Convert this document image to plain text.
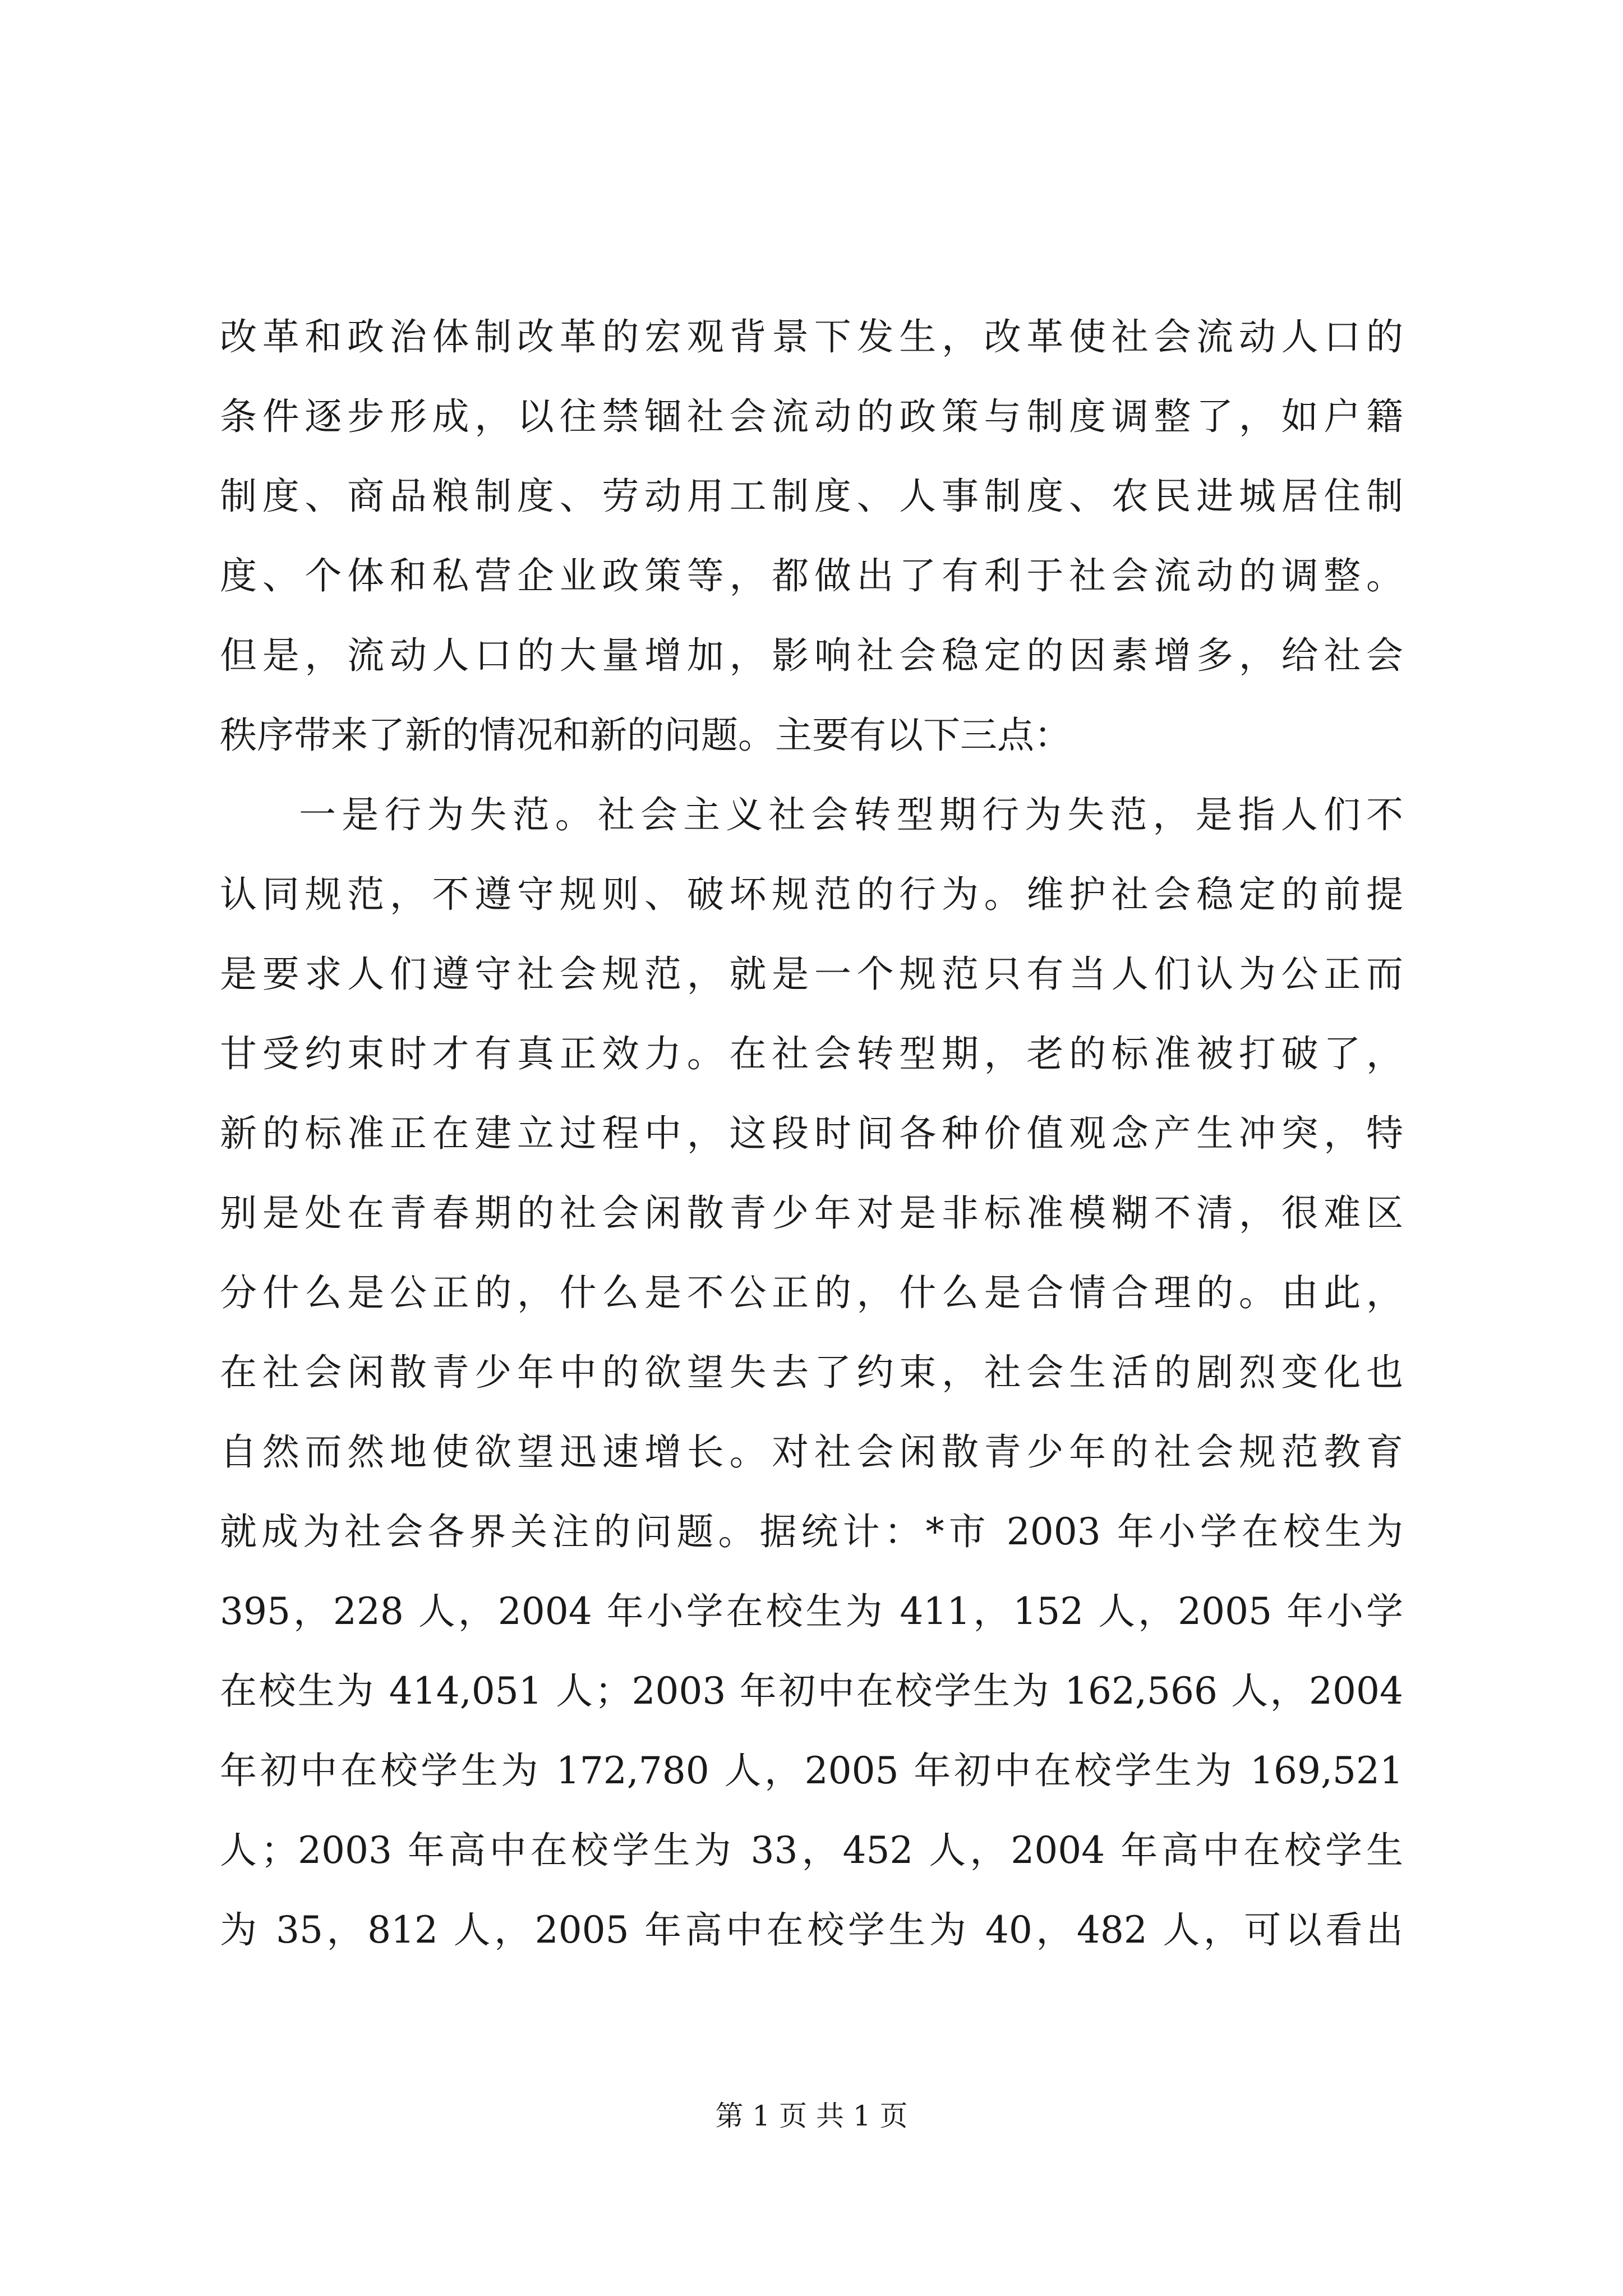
改革和政治体制改革的宏观背景下发生，改革使社会流动人口的
条件逐步形成，以往禁锢社会流动的政策与制度调整了，如户籍
制度、商品粮制度、劳动用工制度、人事制度、农民进城居住制
度、个体和私营企业政策等，都做出了有利于社会流动的调整。
但是，流动人口的大量增加，影响社会稳定的因素增多，给社会
秩序带来了新的情况和新的问题。主要有以下三点：
一是行为失范。社会主义社会转型期行为失范，是指人们不
认同规范，不遵守规则、破坏规范的行为。维护社会稳定的前提
是要求人们遵守社会规范，就是一个规范只有当人们认为公正而
甘受约束时才有真正效力。在社会转型期，老的标准被打破了，
新的标准正在建立过程中，这段时间各种价值观念产生冲突，特
别是处在青春期的社会闲散青少年对是非标准模糊不清，很难区
分什么是公正的，什么是不公正的，什么是合情合理的。由此，
在社会闲散青少年中的欲望失去了约束，社会生活的剧烈变化也
自然而然地使欲望迅速增长。对社会闲散青少年的社会规范教育
就成为社会各界关注的问题。据统计：*市 2003 年小学在校生为
395，228 人，2004 年小学在校生为 411，152 人，2005 年小学
在校生为 414,051 人；2003 年初中在校学生为 162,566 人，2004
年初中在校学生为 172,780 人，2005 年初中在校学生为 169,521
人；2003 年高中在校学生为 33，452 人，2004 年高中在校学生
为 35，812 人，2005 年高中在校学生为 40，482 人，可以看出
第 1 页 共 1 页
